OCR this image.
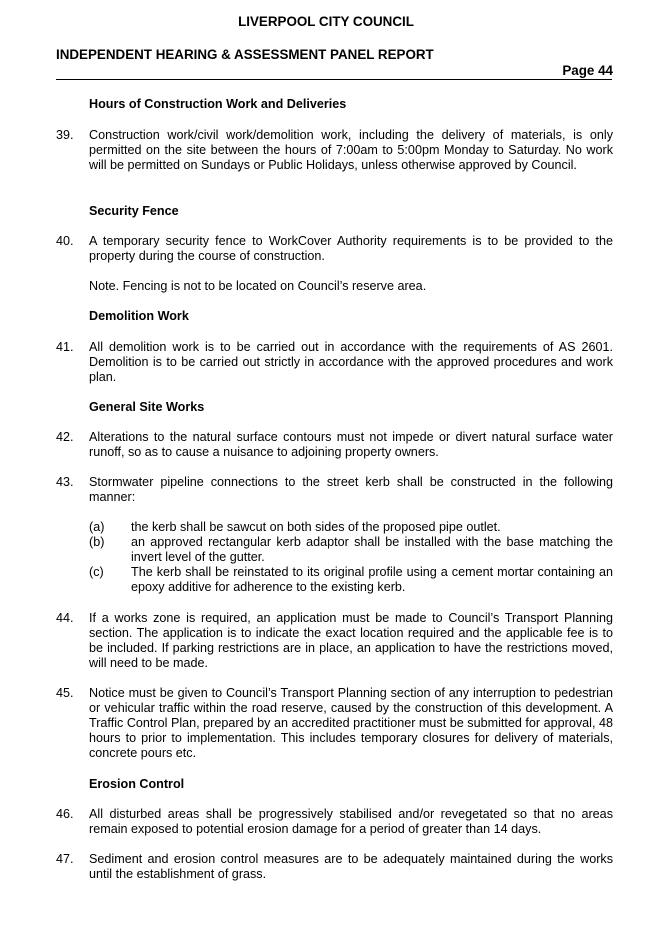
LIVERPOOL CITY COUNCIL
INDEPENDENT HEARING & ASSESSMENT PANEL REPORT
Page 44
Hours of Construction Work and Deliveries
39.	Construction work/civil work/demolition work, including the delivery of materials, is only permitted on the site between the hours of 7:00am to 5:00pm Monday to Saturday. No work will be permitted on Sundays or Public Holidays, unless otherwise approved by Council.
Security Fence
40.	A temporary security fence to WorkCover Authority requirements is to be provided to the property during the course of construction.
Note. Fencing is not to be located on Council’s reserve area.
Demolition Work
41.	All demolition work is to be carried out in accordance with the requirements of AS 2601. Demolition is to be carried out strictly in accordance with the approved procedures and work plan.
General Site Works
42.	Alterations to the natural surface contours must not impede or divert natural surface water runoff, so as to cause a nuisance to adjoining property owners.
43.	Stormwater pipeline connections to the street kerb shall be constructed in the following manner:
(a)	the kerb shall be sawcut on both sides of the proposed pipe outlet.
(b)	an approved rectangular kerb adaptor shall be installed with the base matching the invert level of the gutter.
(c)	The kerb shall be reinstated to its original profile using a cement mortar containing an epoxy additive for adherence to the existing kerb.
44.	If a works zone is required, an application must be made to Council’s Transport Planning section. The application is to indicate the exact location required and the applicable fee is to be included. If parking restrictions are in place, an application to have the restrictions moved, will need to be made.
45.	Notice must be given to Council’s Transport Planning section of any interruption to pedestrian or vehicular traffic within the road reserve, caused by the construction of this development. A Traffic Control Plan, prepared by an accredited practitioner must be submitted for approval, 48 hours to prior to implementation. This includes temporary closures for delivery of materials, concrete pours etc.
Erosion Control
46.	All disturbed areas shall be progressively stabilised and/or revegetated so that no areas remain exposed to potential erosion damage for a period of greater than 14 days.
47.	Sediment and erosion control measures are to be adequately maintained during the works until the establishment of grass.
